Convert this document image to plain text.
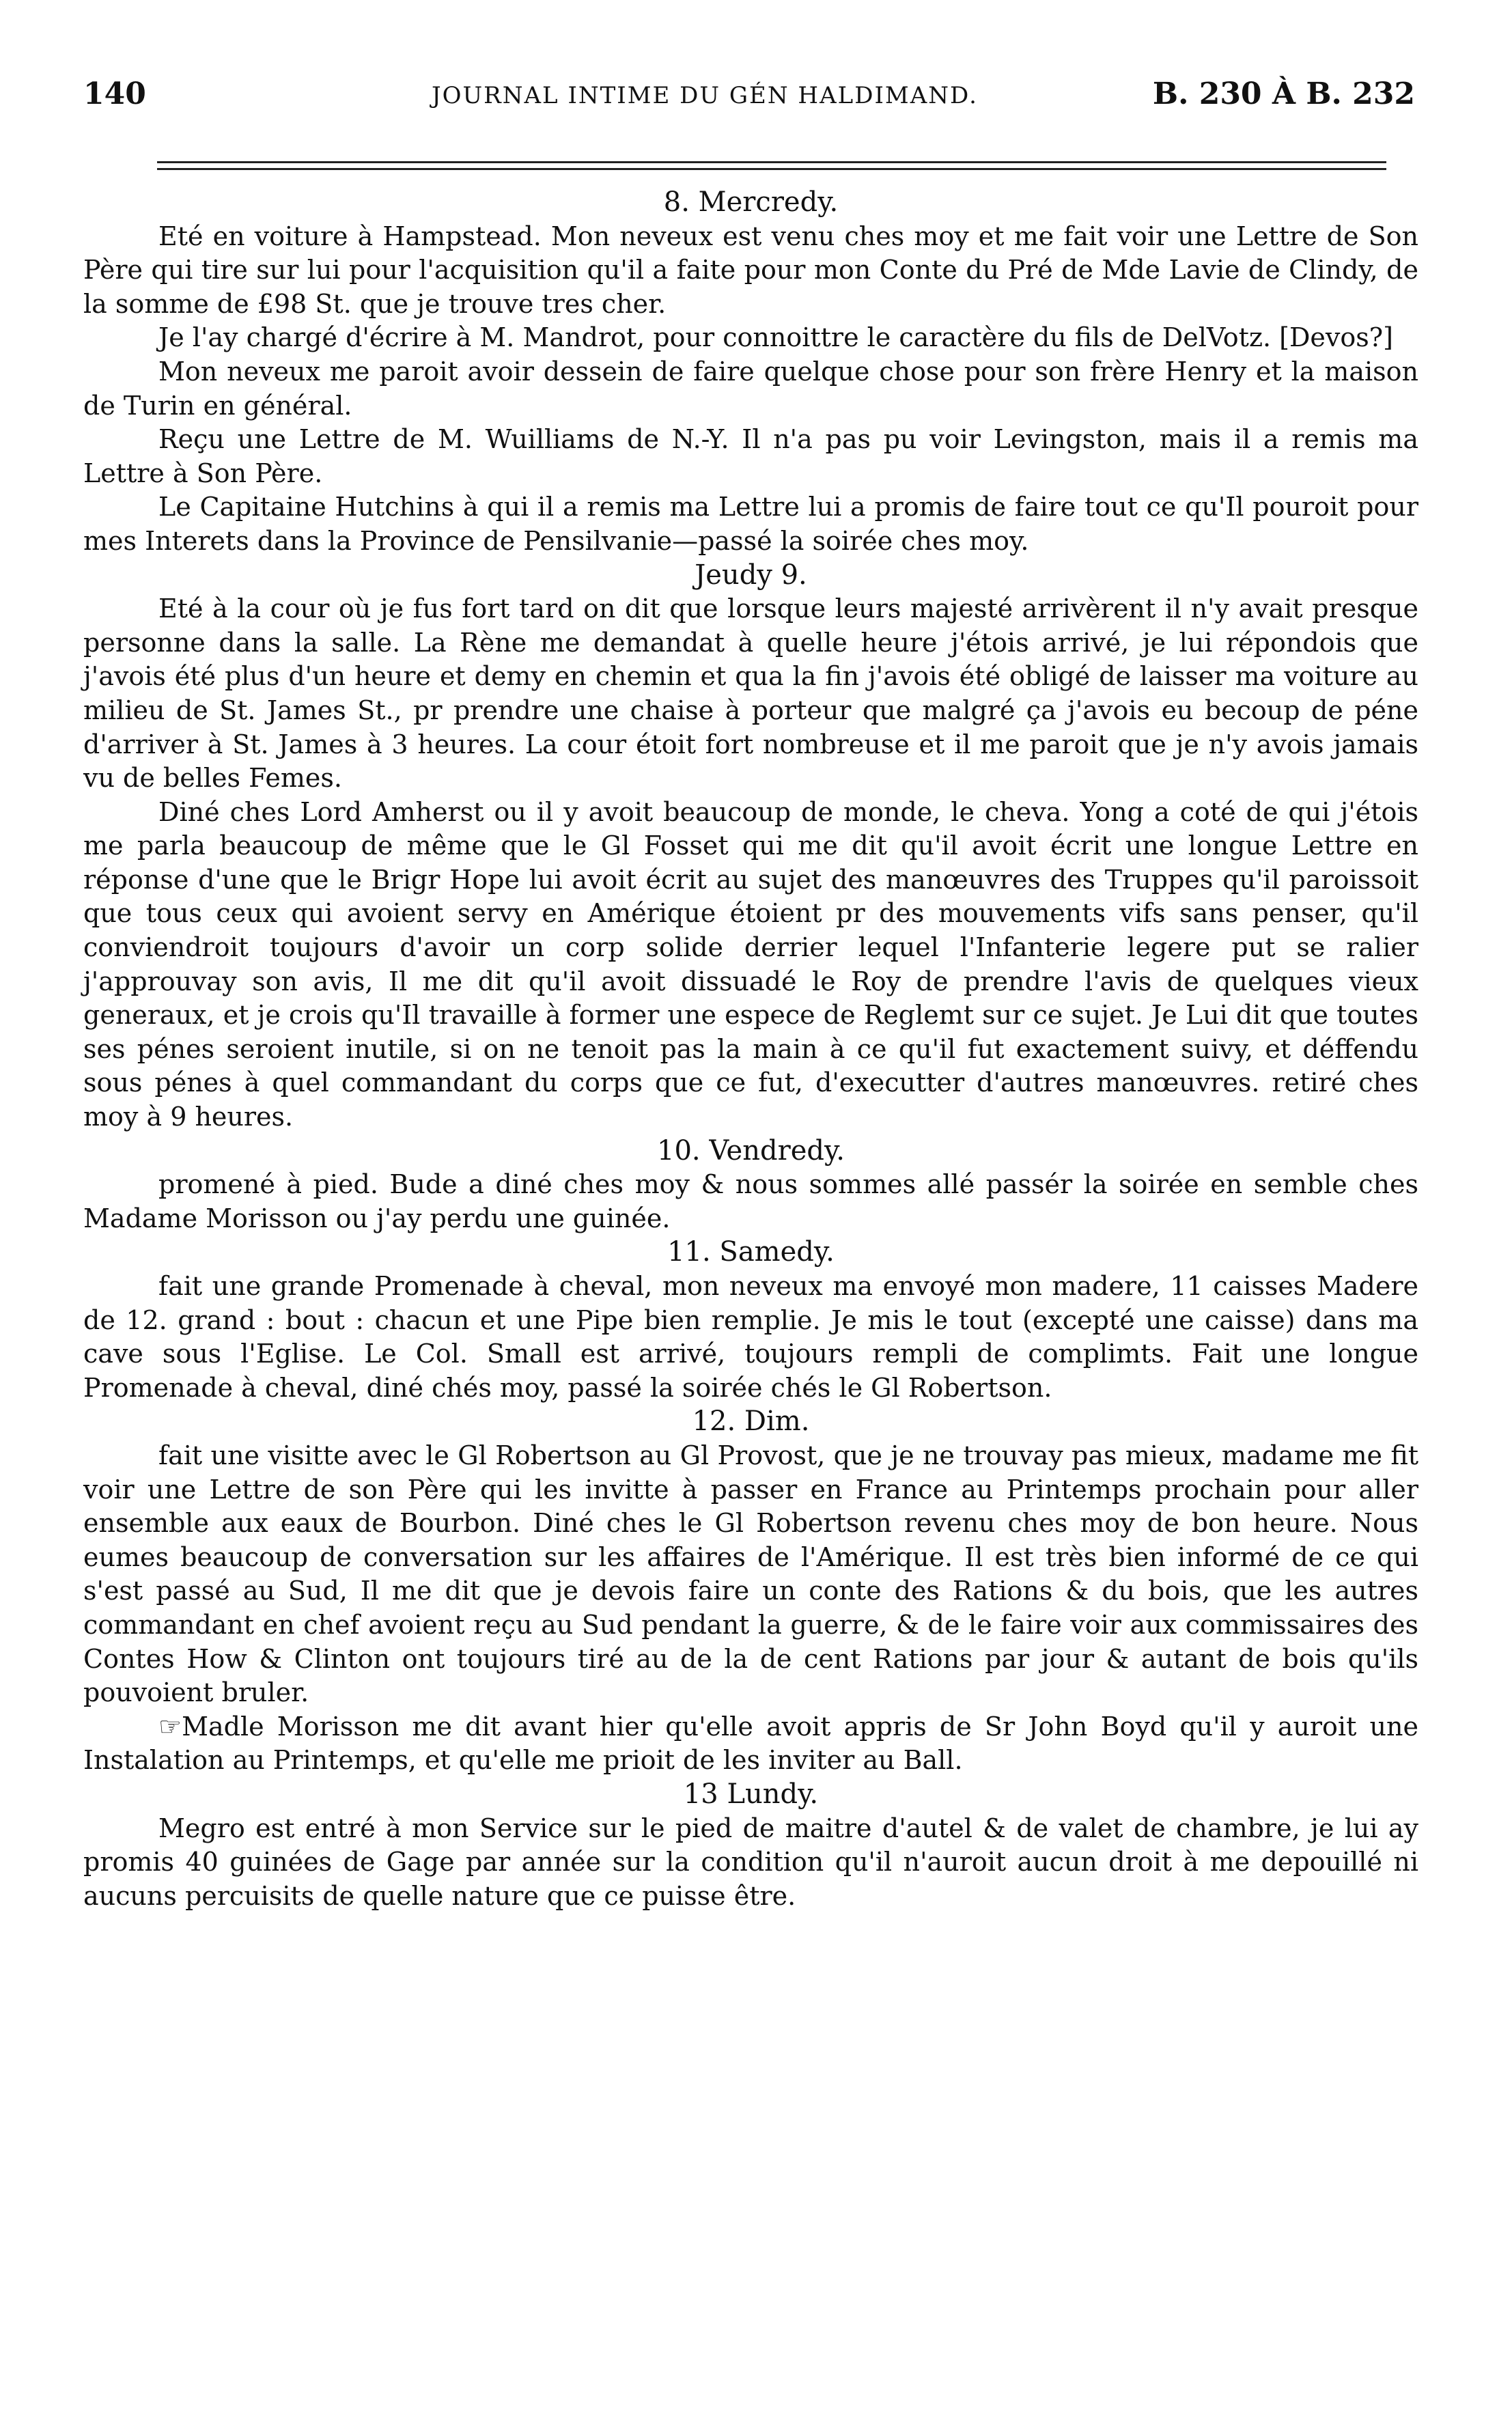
140	JOURNAL INTIME DU GÉN HALDIMAND.	B. 230 À B. 232

8. Mercredy.

Eté en voiture à Hampstead. Mon neveux est venu ches moy et me fait voir une Lettre de Son Père qui tire sur lui pour l'acquisition qu'il a faite pour mon Conte du Pré de Mde Lavie de Clindy, de la somme de £98 St. que je trouve tres cher.

Je l'ay chargé d'écrire à M. Mandrot, pour connoittre le caractère du fils de DelVotz. [Devos?]

Mon neveux me paroit avoir dessein de faire quelque chose pour son frère Henry et la maison de Turin en général.

Reçu une Lettre de M. Wuilliams de N.-Y. Il n'a pas pu voir Levingston, mais il a remis ma Lettre à Son Père.

Le Capitaine Hutchins à qui il a remis ma Lettre lui a promis de faire tout ce qu'Il pouroit pour mes Interets dans la Province de Pensilvanie—passé la soirée ches moy.

Jeudy 9.

Eté à la cour où je fus fort tard on dit que lorsque leurs majesté arrivèrent il n'y avait presque personne dans la salle. La Rène me demandat à quelle heure j'étois arrivé, je lui répondois que j'avois été plus d'un heure et demy en chemin et qua la fin j'avois été obligé de laisser ma voiture au milieu de St. James St., pr prendre une chaise à porteur que malgré ça j'avois eu becoup de péne d'arriver à St. James à 3 heures. La cour étoit fort nombreuse et il me paroit que je n'y avois jamais vu de belles Femes.

Diné ches Lord Amherst ou il y avoit beaucoup de monde, le cheva. Yong a coté de qui j'étois me parla beaucoup de même que le Gl Fosset qui me dit qu'il avoit écrit une longue Lettre en réponse d'une que le Brigr Hope lui avoit écrit au sujet des manœuvres des Truppes qu'il paroissoit que tous ceux qui avoient servy en Amérique étoient pr des mouvements vifs sans penser, qu'il conviendroit toujours d'avoir un corp solide derrier lequel l'Infanterie legere put se ralier j'approuvay son avis, Il me dit qu'il avoit dissuadé le Roy de prendre l'avis de quelques vieux generaux, et je crois qu'Il travaille à former une espece de Reglemt sur ce sujet. Je Lui dit que toutes ses pénes seroient inutile, si on ne tenoit pas la main à ce qu'il fut exactement suivy, et déffendu sous pénes à quel commandant du corps que ce fut, d'executter d'autres manœuvres. retiré ches moy à 9 heures.

10. Vendredy.

promené à pied. Bude a diné ches moy & nous sommes allé passér la soirée en semble ches Madame Morisson ou j'ay perdu une guinée.

11. Samedy.

fait une grande Promenade à cheval, mon neveux ma envoyé mon madere, 11 caisses Madere de 12. grand : bout : chacun et une Pipe bien remplie. Je mis le tout (excepté une caisse) dans ma cave sous l'Eglise. Le Col. Small est arrivé, toujours rempli de complimts. Fait une longue Promenade à cheval, diné chés moy, passé la soirée chés le Gl Robertson.

12. Dim.

fait une visitte avec le Gl Robertson au Gl Provost, que je ne trouvay pas mieux, madame me fit voir une Lettre de son Père qui les invitte à passer en France au Printemps prochain pour aller ensemble aux eaux de Bourbon. Diné ches le Gl Robertson revenu ches moy de bon heure. Nous eumes beaucoup de conversation sur les affaires de l'Amérique. Il est très bien informé de ce qui s'est passé au Sud, Il me dit que je devois faire un conte des Rations & du bois, que les autres commandant en chef avoient reçu au Sud pendant la guerre, & de le faire voir aux commissaires des Contes How & Clinton ont toujours tiré au de la de cent Rations par jour & autant de bois qu'ils pouvoient bruler.

☞Madle Morisson me dit avant hier qu'elle avoit appris de Sr John Boyd qu'il y auroit une Instalation au Printemps, et qu'elle me prioit de les inviter au Ball.

13 Lundy.

Megro est entré à mon Service sur le pied de maitre d'autel & de valet de chambre, je lui ay promis 40 guinées de Gage par année sur la condition qu'il n'auroit aucun droit à me depouillé ni aucuns percuisits de quelle nature que ce puisse être.
